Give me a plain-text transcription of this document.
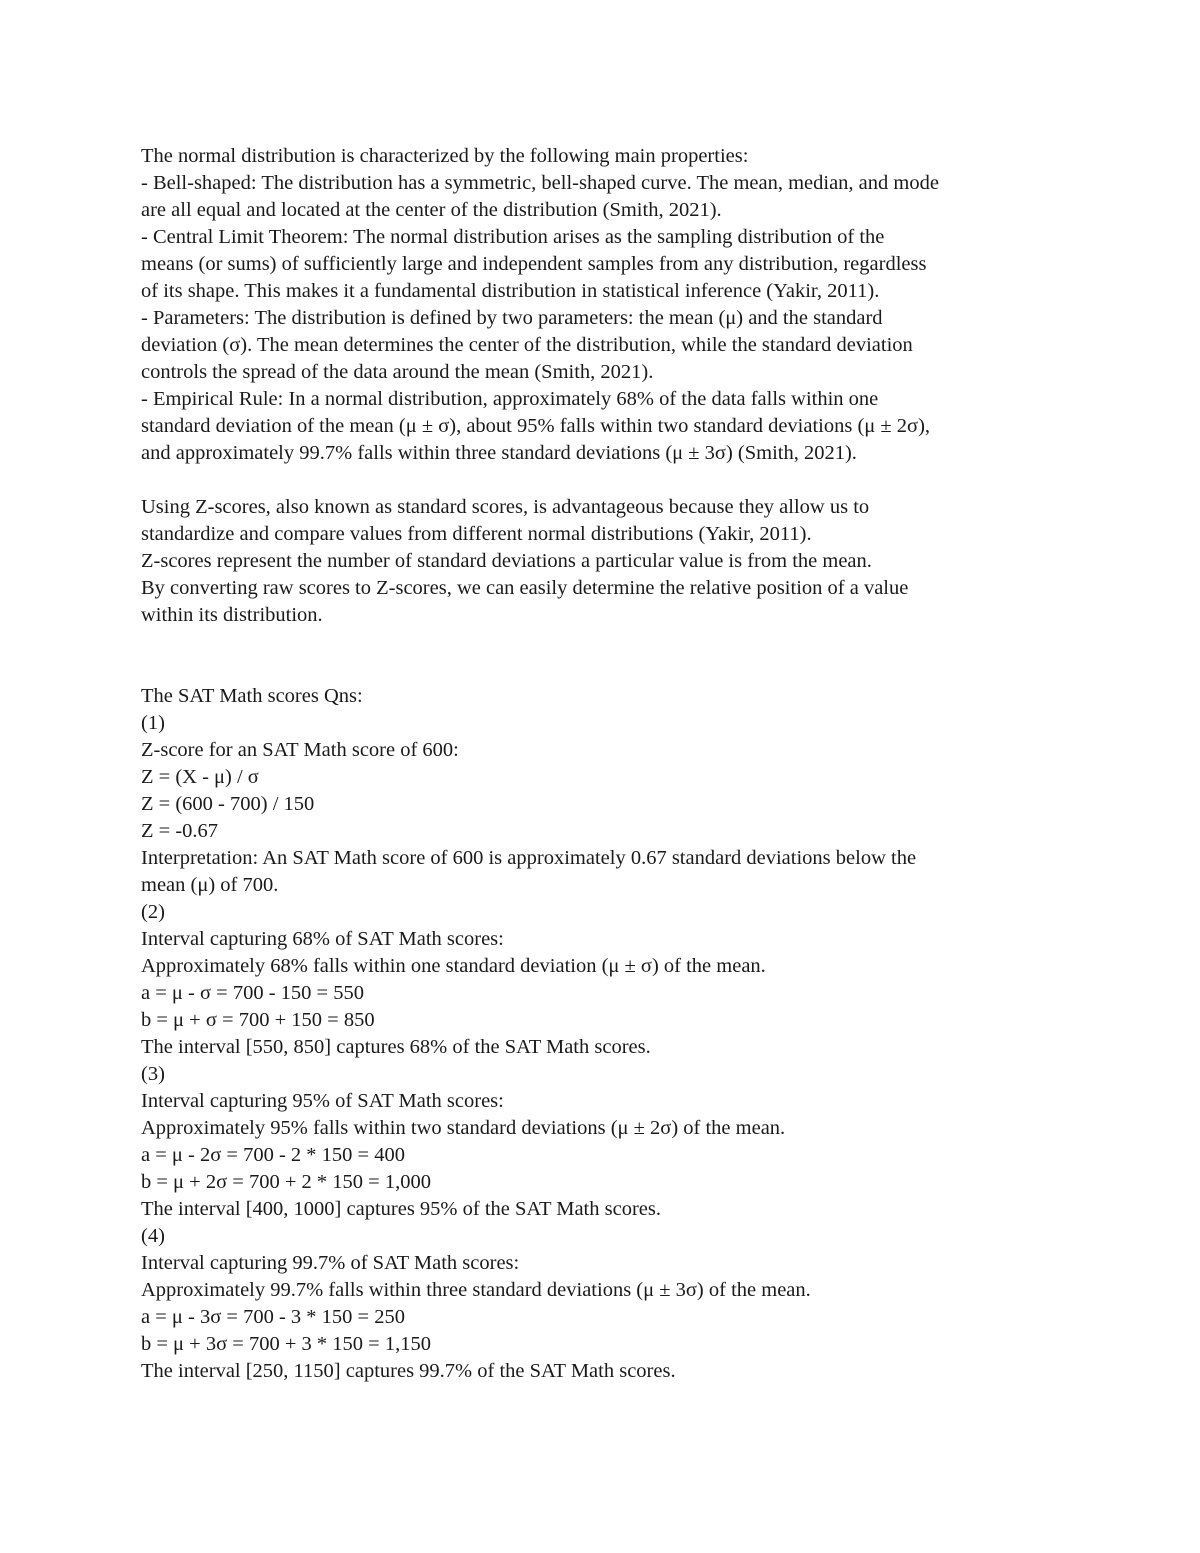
The normal distribution is characterized by the following main properties:
- Bell-shaped: The distribution has a symmetric, bell-shaped curve. The mean, median, and mode
are all equal and located at the center of the distribution (Smith, 2021).
- Central Limit Theorem: The normal distribution arises as the sampling distribution of the
means (or sums) of sufficiently large and independent samples from any distribution, regardless
of its shape. This makes it a fundamental distribution in statistical inference (Yakir, 2011).
- Parameters: The distribution is defined by two parameters: the mean (μ) and the standard
deviation (σ). The mean determines the center of the distribution, while the standard deviation
controls the spread of the data around the mean (Smith, 2021).
- Empirical Rule: In a normal distribution, approximately 68% of the data falls within one
standard deviation of the mean (μ ± σ), about 95% falls within two standard deviations (μ ± 2σ),
and approximately 99.7% falls within three standard deviations (μ ± 3σ) (Smith, 2021).
Using Z-scores, also known as standard scores, is advantageous because they allow us to
standardize and compare values from different normal distributions (Yakir, 2011).
Z-scores represent the number of standard deviations a particular value is from the mean.
By converting raw scores to Z-scores, we can easily determine the relative position of a value
within its distribution.
The SAT Math scores Qns:
(1)
Z-score for an SAT Math score of 600:
Z = (X - μ) / σ
Z = (600 - 700) / 150
Z = -0.67
Interpretation: An SAT Math score of 600 is approximately 0.67 standard deviations below the
mean (μ) of 700.
(2)
Interval capturing 68% of SAT Math scores:
Approximately 68% falls within one standard deviation (μ ± σ) of the mean.
a = μ - σ = 700 - 150 = 550
b = μ + σ = 700 + 150 = 850
The interval [550, 850] captures 68% of the SAT Math scores.
(3)
Interval capturing 95% of SAT Math scores:
Approximately 95% falls within two standard deviations (μ ± 2σ) of the mean.
a = μ - 2σ = 700 - 2 * 150 = 400
b = μ + 2σ = 700 + 2 * 150 = 1,000
The interval [400, 1000] captures 95% of the SAT Math scores.
(4)
Interval capturing 99.7% of SAT Math scores:
Approximately 99.7% falls within three standard deviations (μ ± 3σ) of the mean.
a = μ - 3σ = 700 - 3 * 150 = 250
b = μ + 3σ = 700 + 3 * 150 = 1,150
The interval [250, 1150] captures 99.7% of the SAT Math scores.
